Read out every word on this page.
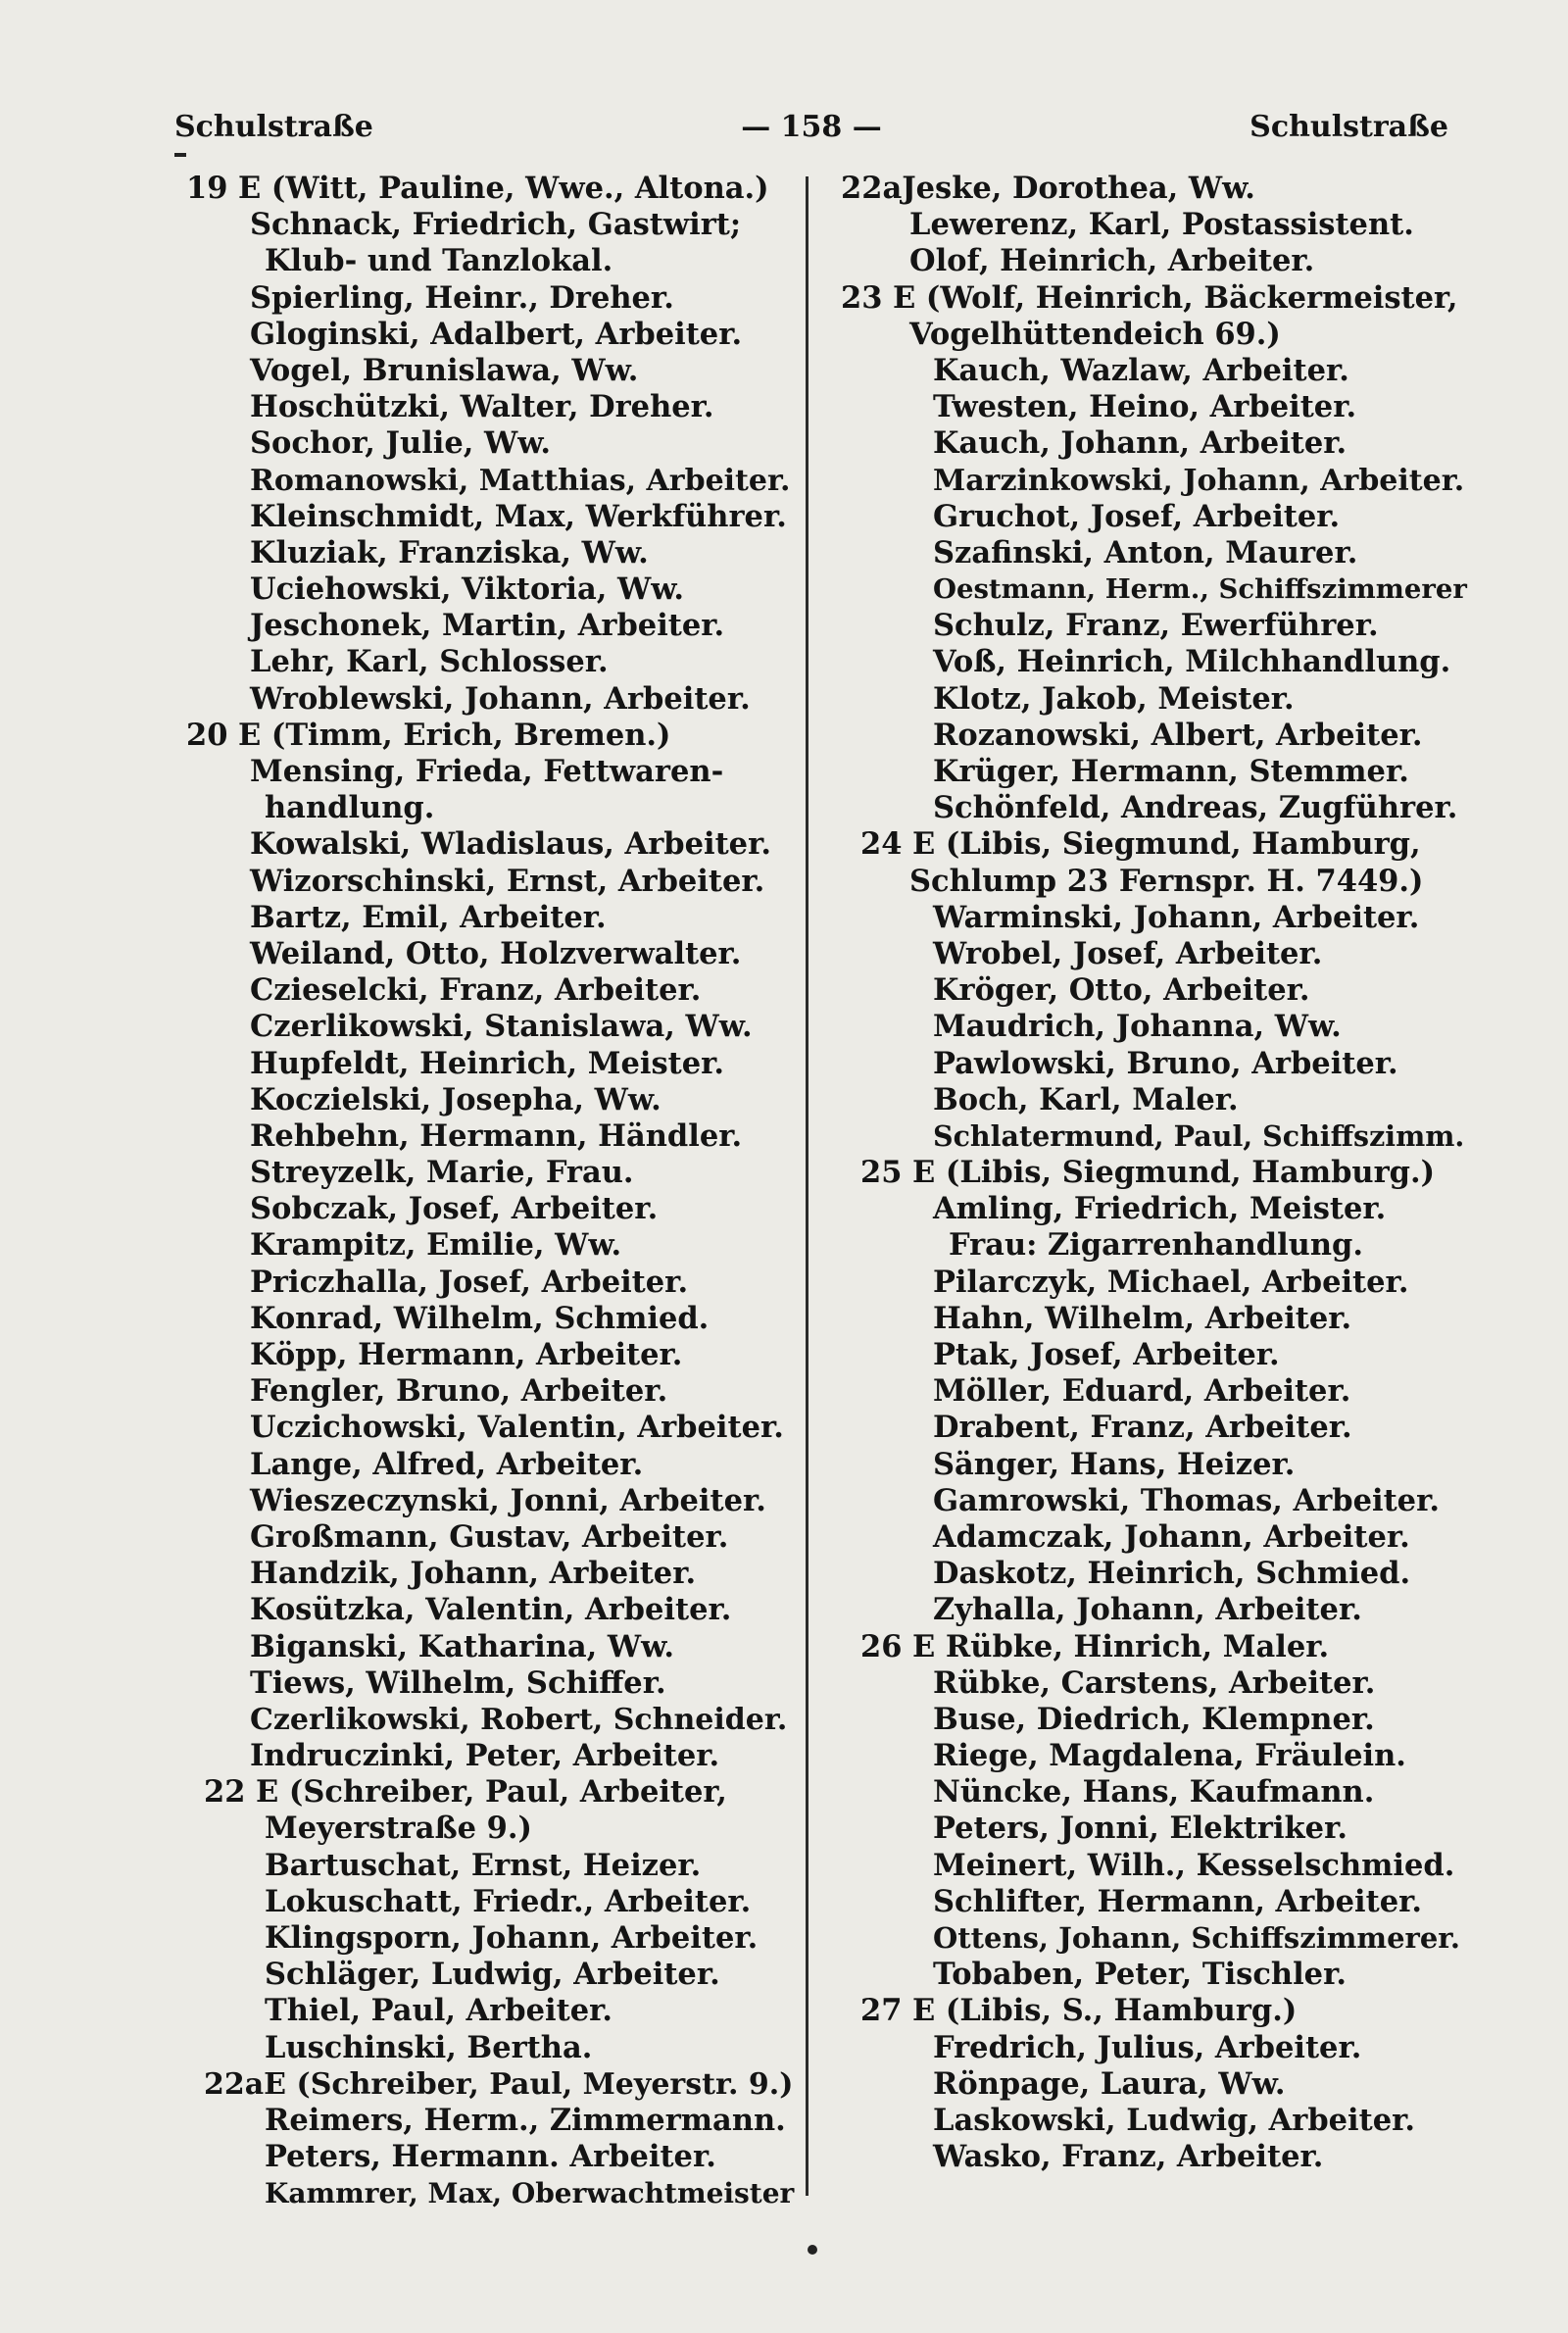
Schulstraße	— 158 —	Schulstraße
19 E (Witt, Pauline, Wwe., Altona.)
Schnack, Friedrich, Gastwirt;
Klub- und Tanzlokal.
Spierling, Heinr., Dreher.
Gloginski, Adalbert, Arbeiter.
Vogel, Brunislawa, Ww.
Hoschützki, Walter, Dreher.
Sochor, Julie, Ww.
Romanowski, Matthias, Arbeiter.
Kleinschmidt, Max, Werkführer.
Kluziak, Franziska, Ww.
Uciehowski, Viktoria, Ww.
Jeschonek, Martin, Arbeiter.
Lehr, Karl, Schlosser.
Wroblewski, Johann, Arbeiter.
20 E (Timm, Erich, Bremen.)
Mensing, Frieda, Fettwaren-
handlung.
Kowalski, Wladislaus, Arbeiter.
Wizorschinski, Ernst, Arbeiter.
Bartz, Emil, Arbeiter.
Weiland, Otto, Holzverwalter.
Czieselcki, Franz, Arbeiter.
Czerlikowski, Stanislawa, Ww.
Hupfeldt, Heinrich, Meister.
Koczielski, Josepha, Ww.
Rehbehn, Hermann, Händler.
Streyzelk, Marie, Frau.
Sobczak, Josef, Arbeiter.
Krampitz, Emilie, Ww.
Priczhalla, Josef, Arbeiter.
Konrad, Wilhelm, Schmied.
Köpp, Hermann, Arbeiter.
Fengler, Bruno, Arbeiter.
Uczichowski, Valentin, Arbeiter.
Lange, Alfred, Arbeiter.
Wieszeczynski, Jonni, Arbeiter.
Großmann, Gustav, Arbeiter.
Handzik, Johann, Arbeiter.
Kosützka, Valentin, Arbeiter.
Biganski, Katharina, Ww.
Tiews, Wilhelm, Schiffer.
Czerlikowski, Robert, Schneider.
Indruczinki, Peter, Arbeiter.
22 E (Schreiber, Paul, Arbeiter,
Meyerstraße 9.)
Bartuschat, Ernst, Heizer.
Lokuschatt, Friedr., Arbeiter.
Klingsporn, Johann, Arbeiter.
Schläger, Ludwig, Arbeiter.
Thiel, Paul, Arbeiter.
Luschinski, Bertha.
22aE (Schreiber, Paul, Meyerstr. 9.)
Reimers, Herm., Zimmermann.
Peters, Hermann. Arbeiter.
Kammrer, Max, Oberwachtmeister
22aJeske, Dorothea, Ww.
Lewerenz, Karl, Postassistent.
Olof, Heinrich, Arbeiter.
23 E (Wolf, Heinrich, Bäckermeister,
Vogelhüttendeich 69.)
Kauch, Wazlaw, Arbeiter.
Twesten, Heino, Arbeiter.
Kauch, Johann, Arbeiter.
Marzinkowski, Johann, Arbeiter.
Gruchot, Josef, Arbeiter.
Szafinski, Anton, Maurer.
Oestmann, Herm., Schiffszimmerer
Schulz, Franz, Ewerführer.
Voß, Heinrich, Milchhandlung.
Klotz, Jakob, Meister.
Rozanowski, Albert, Arbeiter.
Krüger, Hermann, Stemmer.
Schönfeld, Andreas, Zugführer.
24 E (Libis, Siegmund, Hamburg,
Schlump 23 Fernspr. H. 7449.)
Warminski, Johann, Arbeiter.
Wrobel, Josef, Arbeiter.
Kröger, Otto, Arbeiter.
Maudrich, Johanna, Ww.
Pawlowski, Bruno, Arbeiter.
Boch, Karl, Maler.
Schlatermund, Paul, Schiffszimm.
25 E (Libis, Siegmund, Hamburg.)
Amling, Friedrich, Meister.
Frau: Zigarrenhandlung.
Pilarczyk, Michael, Arbeiter.
Hahn, Wilhelm, Arbeiter.
Ptak, Josef, Arbeiter.
Möller, Eduard, Arbeiter.
Drabent, Franz, Arbeiter.
Sänger, Hans, Heizer.
Gamrowski, Thomas, Arbeiter.
Adamczak, Johann, Arbeiter.
Daskotz, Heinrich, Schmied.
Zyhalla, Johann, Arbeiter.
26 E Rübke, Hinrich, Maler.
Rübke, Carstens, Arbeiter.
Buse, Diedrich, Klempner.
Riege, Magdalena, Fräulein.
Nüncke, Hans, Kaufmann.
Peters, Jonni, Elektriker.
Meinert, Wilh., Kesselschmied.
Schlifter, Hermann, Arbeiter.
Ottens, Johann, Schiffszimmerer.
Tobaben, Peter, Tischler.
27 E (Libis, S., Hamburg.)
Fredrich, Julius, Arbeiter.
Rönpage, Laura, Ww.
Laskowski, Ludwig, Arbeiter.
Wasko, Franz, Arbeiter.
